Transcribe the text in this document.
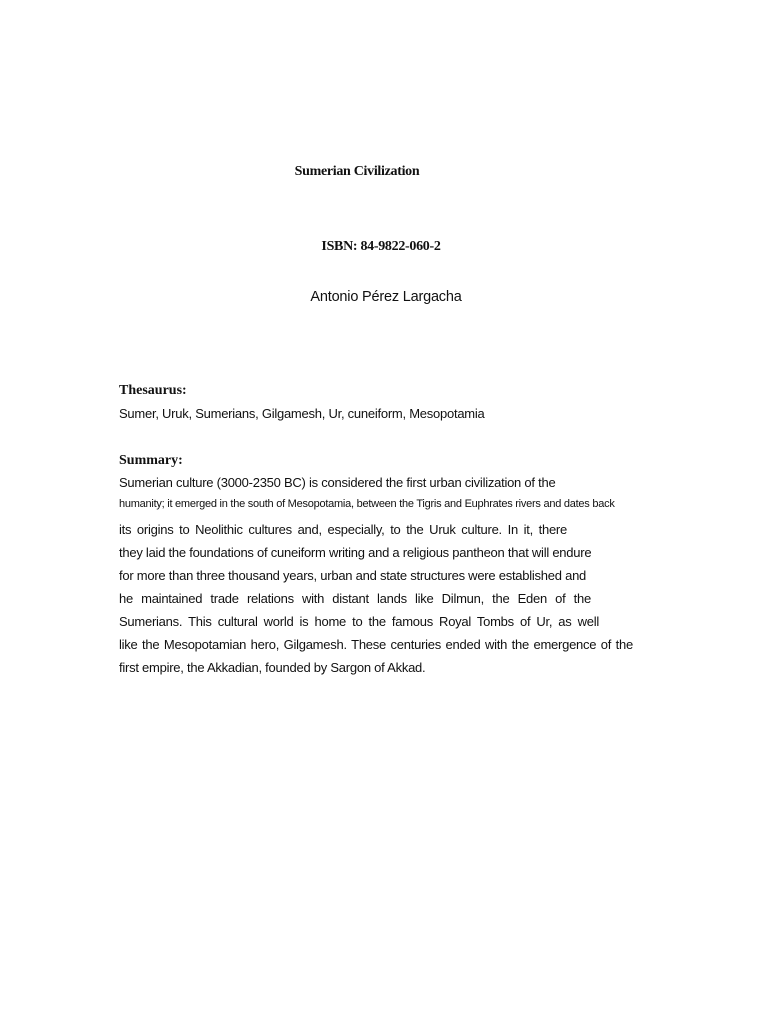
Sumerian Civilization
ISBN: 84-9822-060-2
Antonio Pérez Largacha
Thesaurus:
Sumer, Uruk, Sumerians, Gilgamesh, Ur, cuneiform, Mesopotamia
Summary:
Sumerian culture (3000-2350 BC) is considered the first urban civilization of the
humanity; it emerged in the south of Mesopotamia, between the Tigris and Euphrates rivers and dates back
its origins to Neolithic cultures and, especially, to the Uruk culture. In it, there
they laid the foundations of cuneiform writing and a religious pantheon that will endure
for more than three thousand years, urban and state structures were established and
he maintained trade relations with distant lands like Dilmun, the Eden of the
Sumerians. This cultural world is home to the famous Royal Tombs of Ur, as well
like the Mesopotamian hero, Gilgamesh. These centuries ended with the emergence of the
first empire, the Akkadian, founded by Sargon of Akkad.
